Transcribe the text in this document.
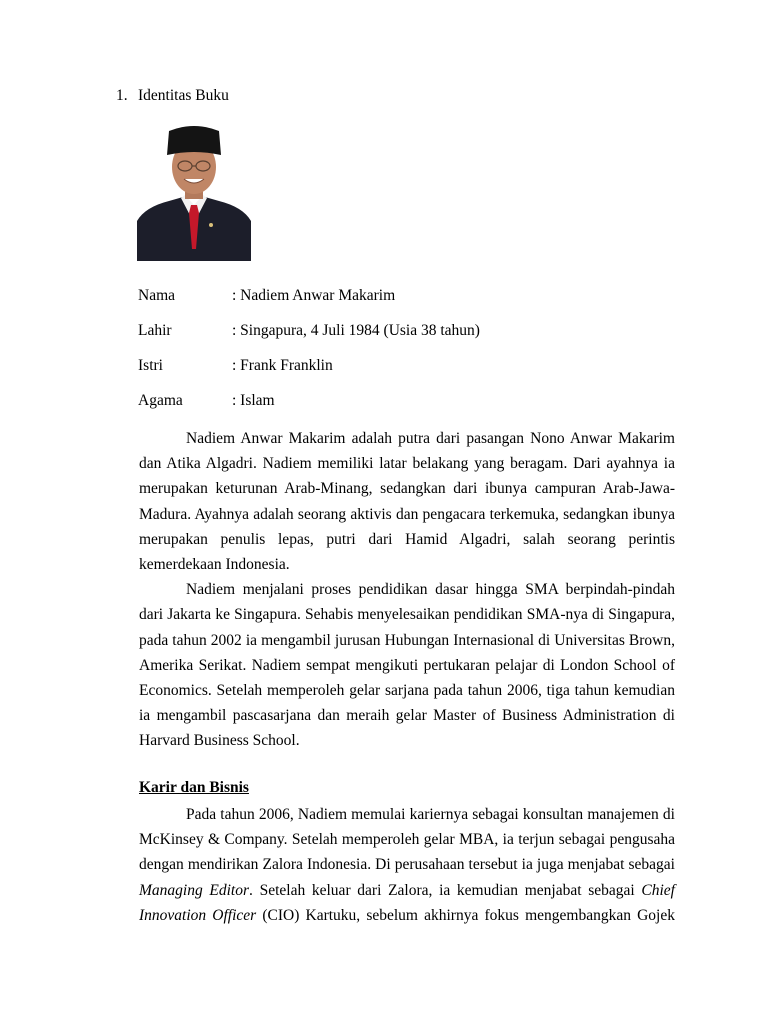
1. Identitas Buku
Nama	: Nadiem Anwar Makarim
Lahir	: Singapura, 4 Juli 1984 (Usia 38 tahun)
Istri	: Frank Franklin
Agama	: Islam

Nadiem Anwar Makarim adalah putra dari pasangan Nono Anwar Makarim dan Atika Algadri. Nadiem memiliki latar belakang yang beragam. Dari ayahnya ia merupakan keturunan Arab-Minang, sedangkan dari ibunya campuran Arab-Jawa-Madura. Ayahnya adalah seorang aktivis dan pengacara terkemuka, sedangkan ibunya merupakan penulis lepas, putri dari Hamid Algadri, salah seorang perintis kemerdekaan Indonesia.

Nadiem menjalani proses pendidikan dasar hingga SMA berpindah-pindah dari Jakarta ke Singapura. Sehabis menyelesaikan pendidikan SMA-nya di Singapura, pada tahun 2002 ia mengambil jurusan Hubungan Internasional di Universitas Brown, Amerika Serikat. Nadiem sempat mengikuti pertukaran pelajar di London School of Economics. Setelah memperoleh gelar sarjana pada tahun 2006, tiga tahun kemudian ia mengambil pascasarjana dan meraih gelar Master of Business Administration di Harvard Business School.

Karir dan Bisnis

Pada tahun 2006, Nadiem memulai kariernya sebagai konsultan manajemen di McKinsey & Company. Setelah memperoleh gelar MBA, ia terjun sebagai pengusaha dengan mendirikan Zalora Indonesia. Di perusahaan tersebut ia juga menjabat sebagai Managing Editor. Setelah keluar dari Zalora, ia kemudian menjabat sebagai Chief Innovation Officer (CIO) Kartuku, sebelum akhirnya fokus mengembangkan Gojek
